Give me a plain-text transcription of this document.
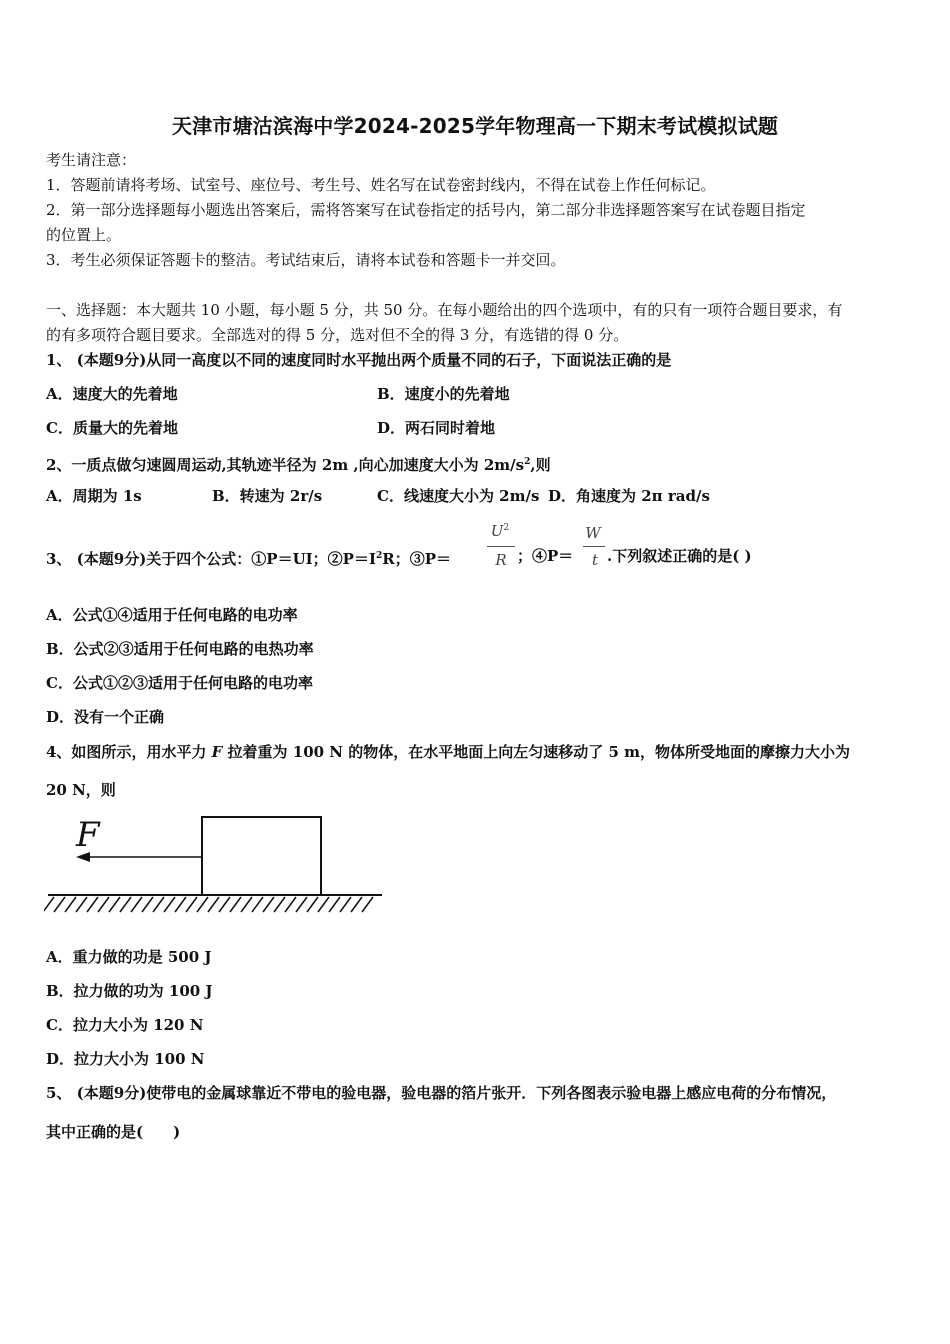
天津市塘沽滨海中学2024-2025学年物理高一下期末考试模拟试题
考生请注意：
1．答题前请将考场、试室号、座位号、考生号、姓名写在试卷密封线内，不得在试卷上作任何标记。
2．第一部分选择题每小题选出答案后，需将答案写在试卷指定的括号内，第二部分非选择题答案写在试卷题目指定
的位置上。
3．考生必须保证答题卡的整洁。考试结束后，请将本试卷和答题卡一并交回。
一、选择题：本大题共 10 小题，每小题 5 分，共 50 分。在每小题给出的四个选项中，有的只有一项符合题目要求，有
的有多项符合题目要求。全部选对的得 5 分，选对但不全的得 3 分，有选错的得 0 分。
1、 (本题9分)从同一高度以不同的速度同时水平抛出两个质量不同的石子，下面说法正确的是
A．速度大的先着地	B．速度小的先着地
C．质量大的先着地	D．两石同时着地
2、一质点做匀速圆周运动,其轨迹半径为 2m ,向心加速度大小为 $2m/s^2$,则
A．周期为 1s	B．转速为 2r/s	C．线速度大小为 2m/s D．角速度为 2π rad/s
3、 (本题9分)关于四个公式：①P＝UI；$②P=I^2R$；③P＝
$U^2$
R ；④P＝
W
t .下列叙述正确的是( )
A．公式①④适用于任何电路的电功率
B．公式②③适用于任何电路的电热功率
C．公式①②③适用于任何电路的电功率
D．没有一个正确
4、如图所示，用水平力 F 拉着重为 100 N 的物体，在水平地面上向左匀速移动了 5 m，物体所受地面的摩擦力大小为
20 N，则
F
A．重力做的功是 500 J
B．拉力做的功为 100 J
C．拉力大小为 120 N
D．拉力大小为 100 N
5、 (本题9分)使带电的金属球靠近不带电的验电器，验电器的箔片张开．下列各图表示验电器上感应电荷的分布情况，
其中正确的是(　　)
